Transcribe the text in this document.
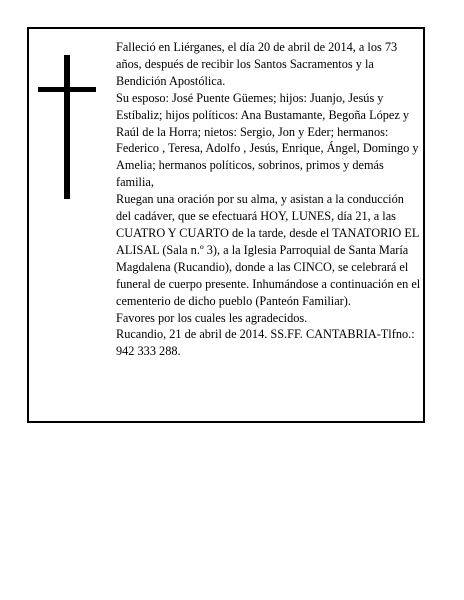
Falleció en Liérganes, el día 20 de abril de 2014, a los 73 años, después de recibir los Santos Sacramentos y la Bendición Apostólica.

Su esposo: José Puente Güemes; hijos: Juanjo, Jesús y Estíbaliz; hijos políticos: Ana Bustamante, Begoña López y Raúl de la Horra; nietos: Sergio, Jon y Eder; hermanos: Federico , Teresa, Adolfo , Jesús, Enrique, Ángel, Domingo y Amelia; hermanos políticos, sobrinos, primos y demás familia,

Ruegan una oración por su alma, y asistan a la conducción del cadáver, que se efectuará HOY, LUNES, día 21, a las CUATRO Y CUARTO de la tarde, desde el TANATORIO EL ALISAL (Sala n.º 3), a la Iglesia Parroquial de Santa María Magdalena (Rucandio), donde a las CINCO, se celebrará el funeral de cuerpo presente. Inhumándose a continuación en el cementerio de dicho pueblo (Panteón Familiar).

Favores por los cuales les agradecidos.

Rucandio, 21 de abril de 2014. SS.FF. CANTABRIA-Tlfno.: 942 333 288.
